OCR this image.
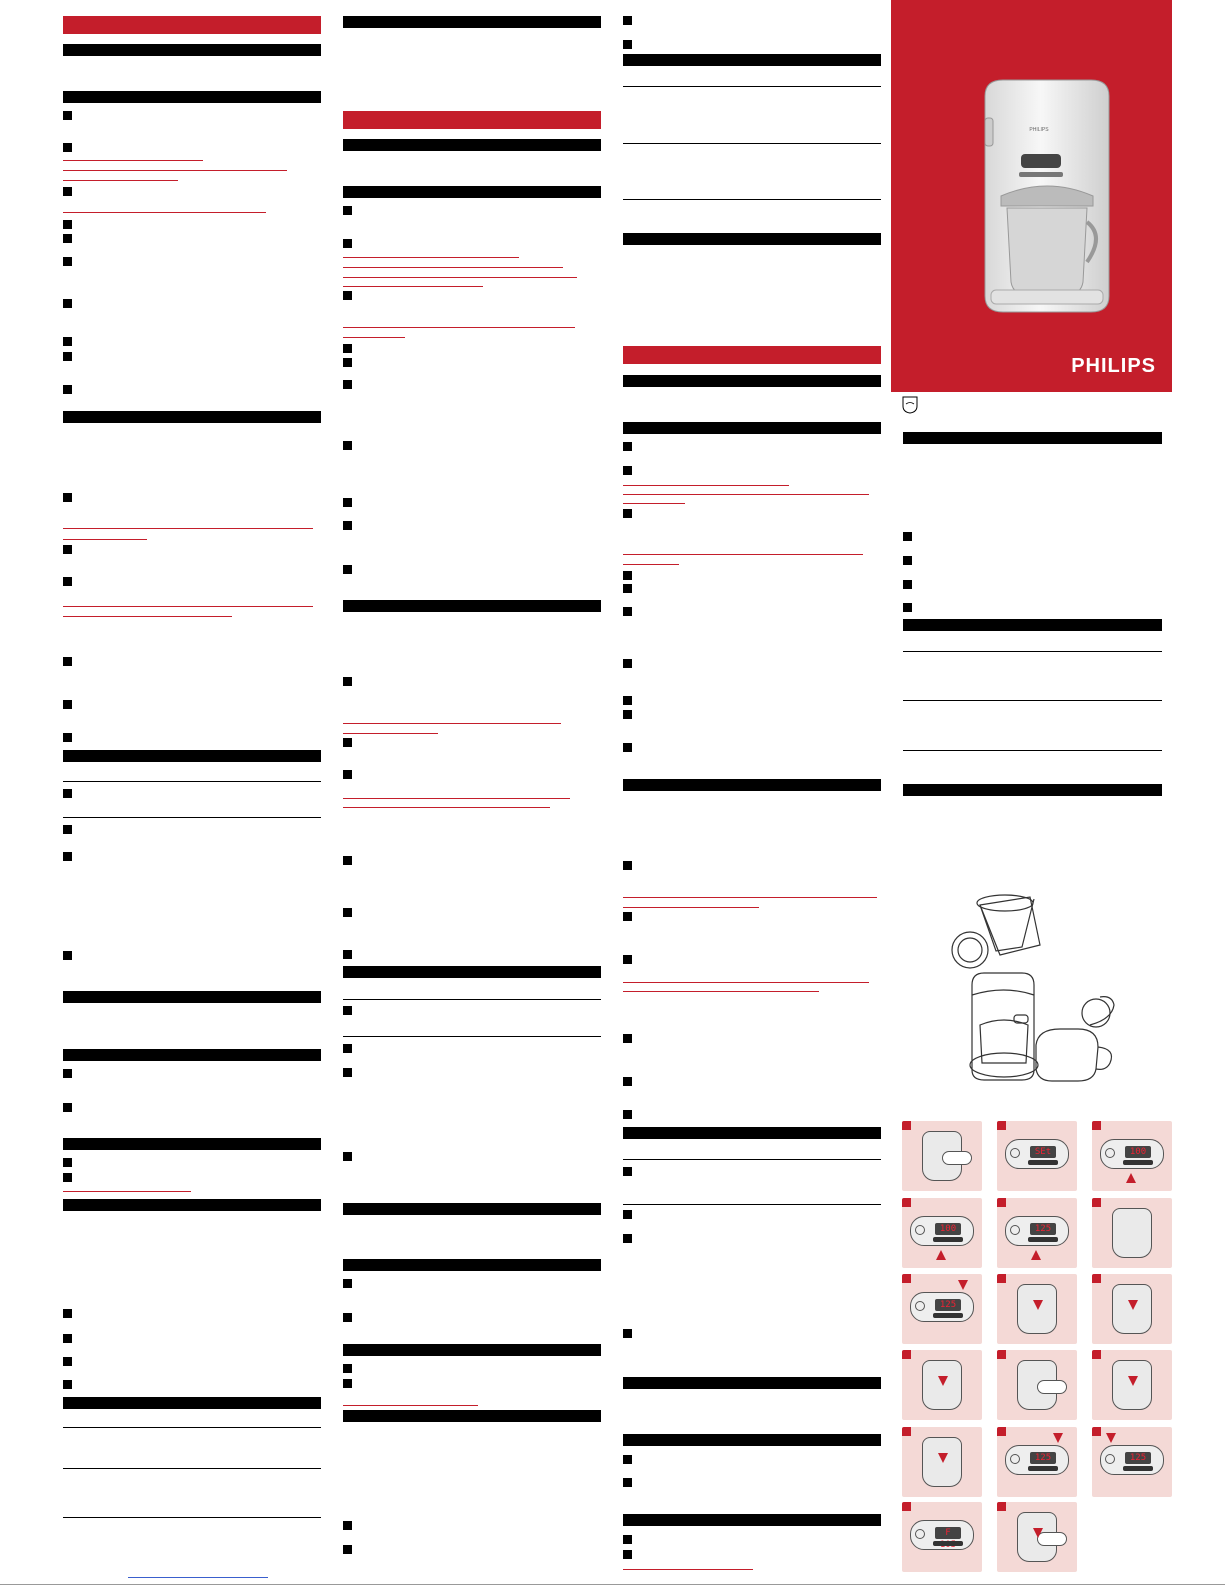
PHILIPS
PHILIPS
SEt	100
100	125
125
125	125
F
